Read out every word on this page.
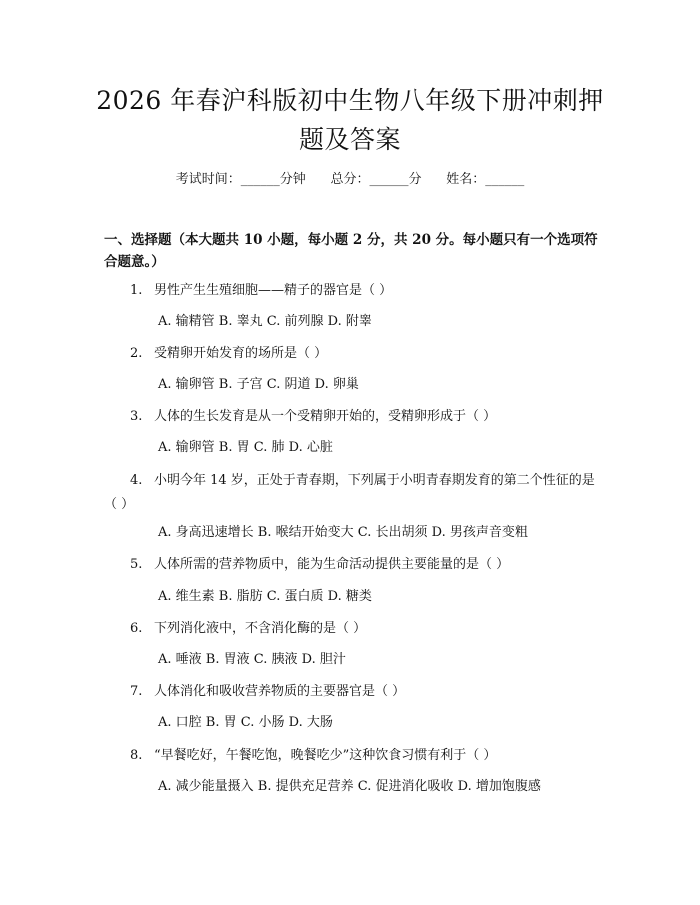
2026 年春沪科版初中生物八年级下册冲刺押
题及答案
考试时间：______分钟      总分：______分      姓名：______
一、选择题（本大题共 10 小题，每小题 2 分，共 20 分。每小题只有一个选项符合题意。）
1. 男性产生生殖细胞——精子的器官是（ ）
A. 输精管 B. 睾丸 C. 前列腺 D. 附睾
2. 受精卵开始发育的场所是（ ）
A. 输卵管 B. 子宫 C. 阴道 D. 卵巢
3. 人体的生长发育是从一个受精卵开始的，受精卵形成于（ ）
A. 输卵管 B. 胃 C. 肺 D. 心脏
4. 小明今年 14 岁，正处于青春期，下列属于小明青春期发育的第二个性征的是（ ）
A. 身高迅速增长 B. 喉结开始变大 C. 长出胡须 D. 男孩声音变粗
5. 人体所需的营养物质中，能为生命活动提供主要能量的是（ ）
A. 维生素 B. 脂肪 C. 蛋白质 D. 糖类
6. 下列消化液中，不含消化酶的是（ ）
A. 唾液 B. 胃液 C. 胰液 D. 胆汁
7. 人体消化和吸收营养物质的主要器官是（ ）
A. 口腔 B. 胃 C. 小肠 D. 大肠
8. “早餐吃好，午餐吃饱，晚餐吃少”这种饮食习惯有利于（ ）
A. 减少能量摄入 B. 提供充足营养 C. 促进消化吸收 D. 增加饱腹感
